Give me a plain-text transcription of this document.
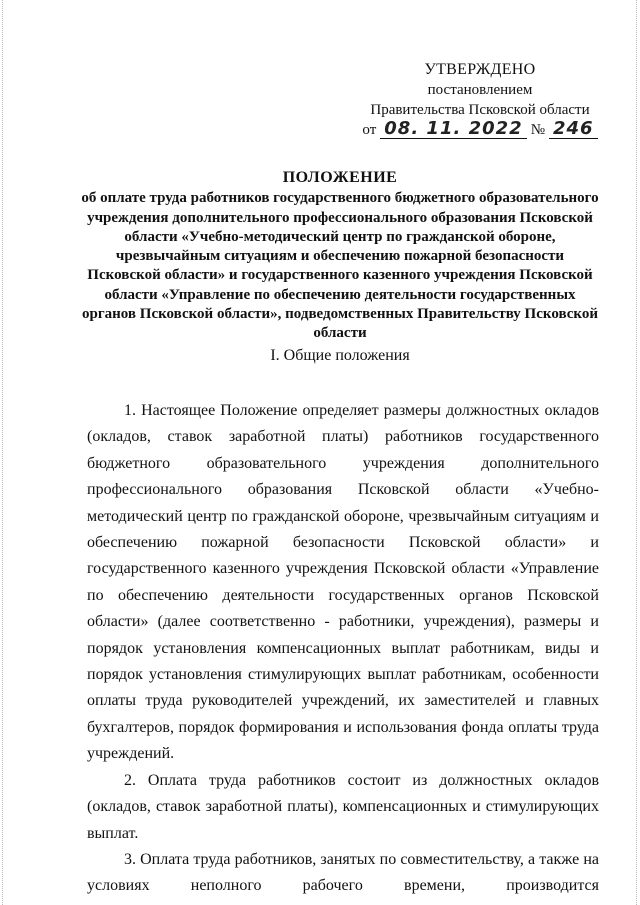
УТВЕРЖДЕНО
постановлением
Правительства Псковской области
от 08. 11. 2022 № 246
ПОЛОЖЕНИЕ
об оплате труда работников государственного бюджетного образовательного учреждения дополнительного профессионального образования Псковской области «Учебно-методический центр по гражданской обороне, чрезвычайным ситуациям и обеспечению пожарной безопасности Псковской области» и государственного казенного учреждения Псковской области «Управление по обеспечению деятельности государственных органов Псковской области», подведомственных Правительству Псковской области
I. Общие положения

1. Настоящее Положение определяет размеры должностных окладов (окладов, ставок заработной платы) работников государственного бюджетного образовательного учреждения дополнительного профессионального образования Псковской области «Учебно-методический центр по гражданской обороне, чрезвычайным ситуациям и обеспечению пожарной безопасности Псковской области» и государственного казенного учреждения Псковской области «Управление по обеспечению деятельности государственных органов Псковской области» (далее соответственно - работники, учреждения), размеры и порядок установления компенсационных выплат работникам, виды и порядок установления стимулирующих выплат работникам, особенности оплаты труда руководителей учреждений, их заместителей и главных бухгалтеров, порядок формирования и использования фонда оплаты труда учреждений.

2. Оплата труда работников состоит из должностных окладов (окладов, ставок заработной платы), компенсационных и стимулирующих выплат.

3. Оплата труда работников, занятых по совместительству, а также на условиях неполного рабочего времени, производится
